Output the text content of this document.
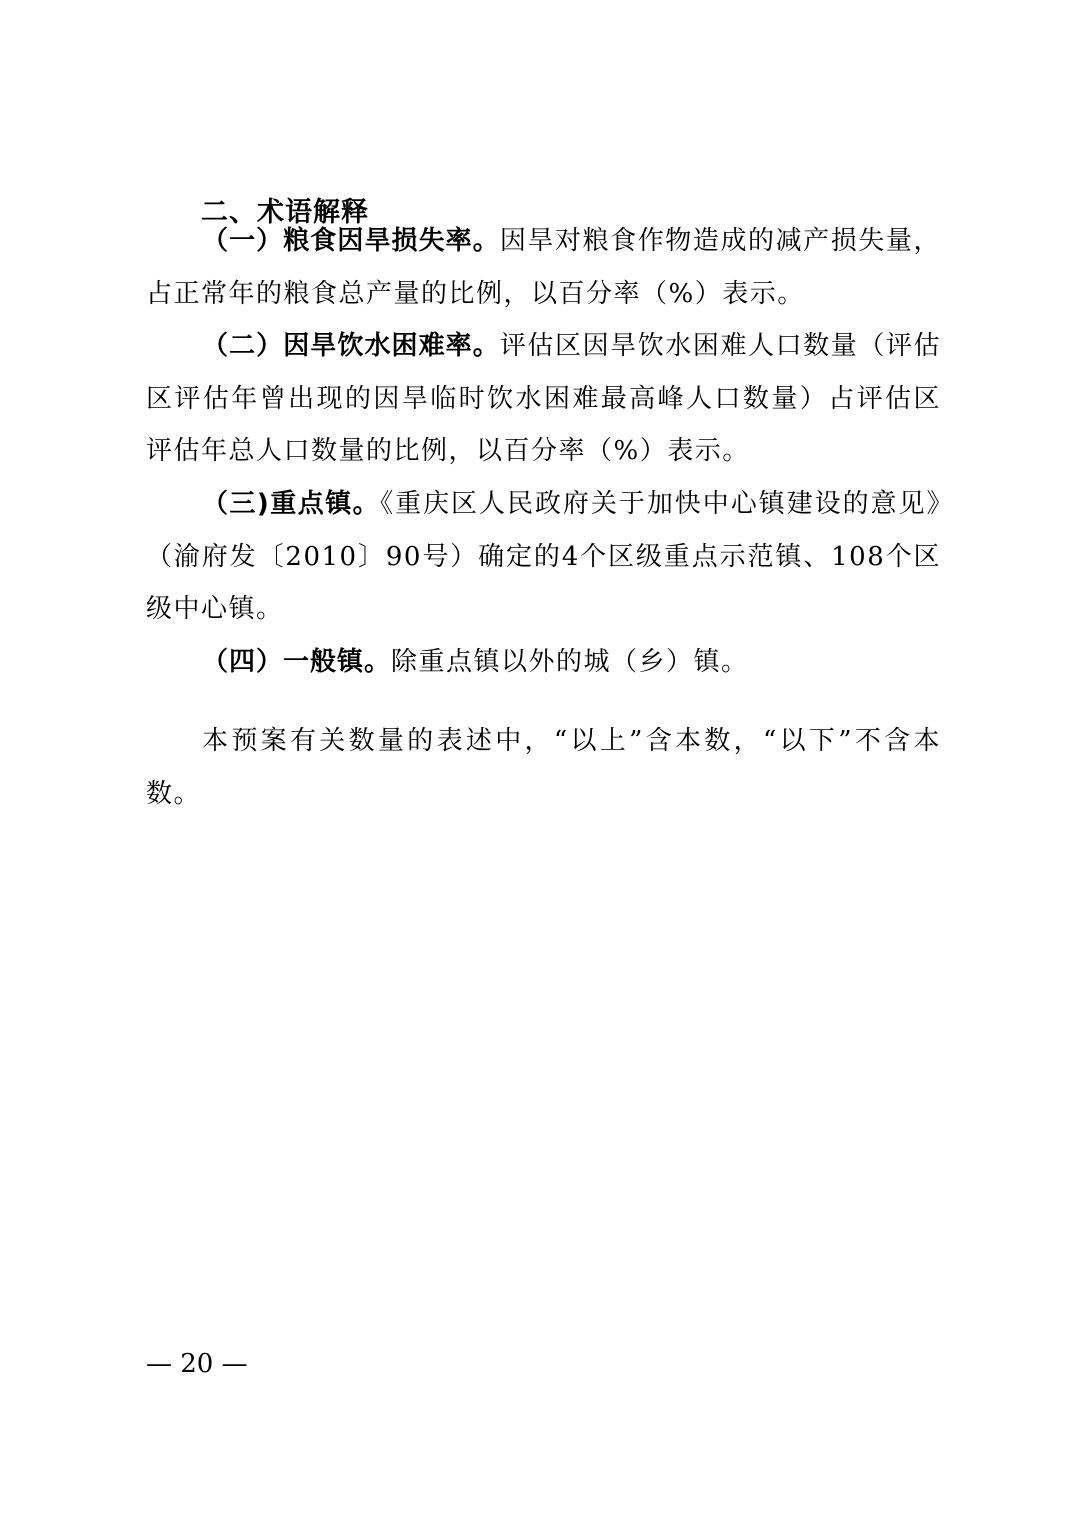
二、术语解释

（一）粮食因旱损失率。因旱对粮食作物造成的减产损失量，占正常年的粮食总产量的比例，以百分率（%）表示。

（二）因旱饮水困难率。评估区因旱饮水困难人口数量（评估区评估年曾出现的因旱临时饮水困难最高峰人口数量）占评估区评估年总人口数量的比例，以百分率（%）表示。

（三)重点镇。《重庆区人民政府关于加快中心镇建设的意见》（渝府发〔2010〕90号）确定的4个区级重点示范镇、108个区级中心镇。

（四）一般镇。除重点镇以外的城（乡）镇。

本预案有关数量的表述中，“以上”含本数，“以下”不含本数。

— 20 —
